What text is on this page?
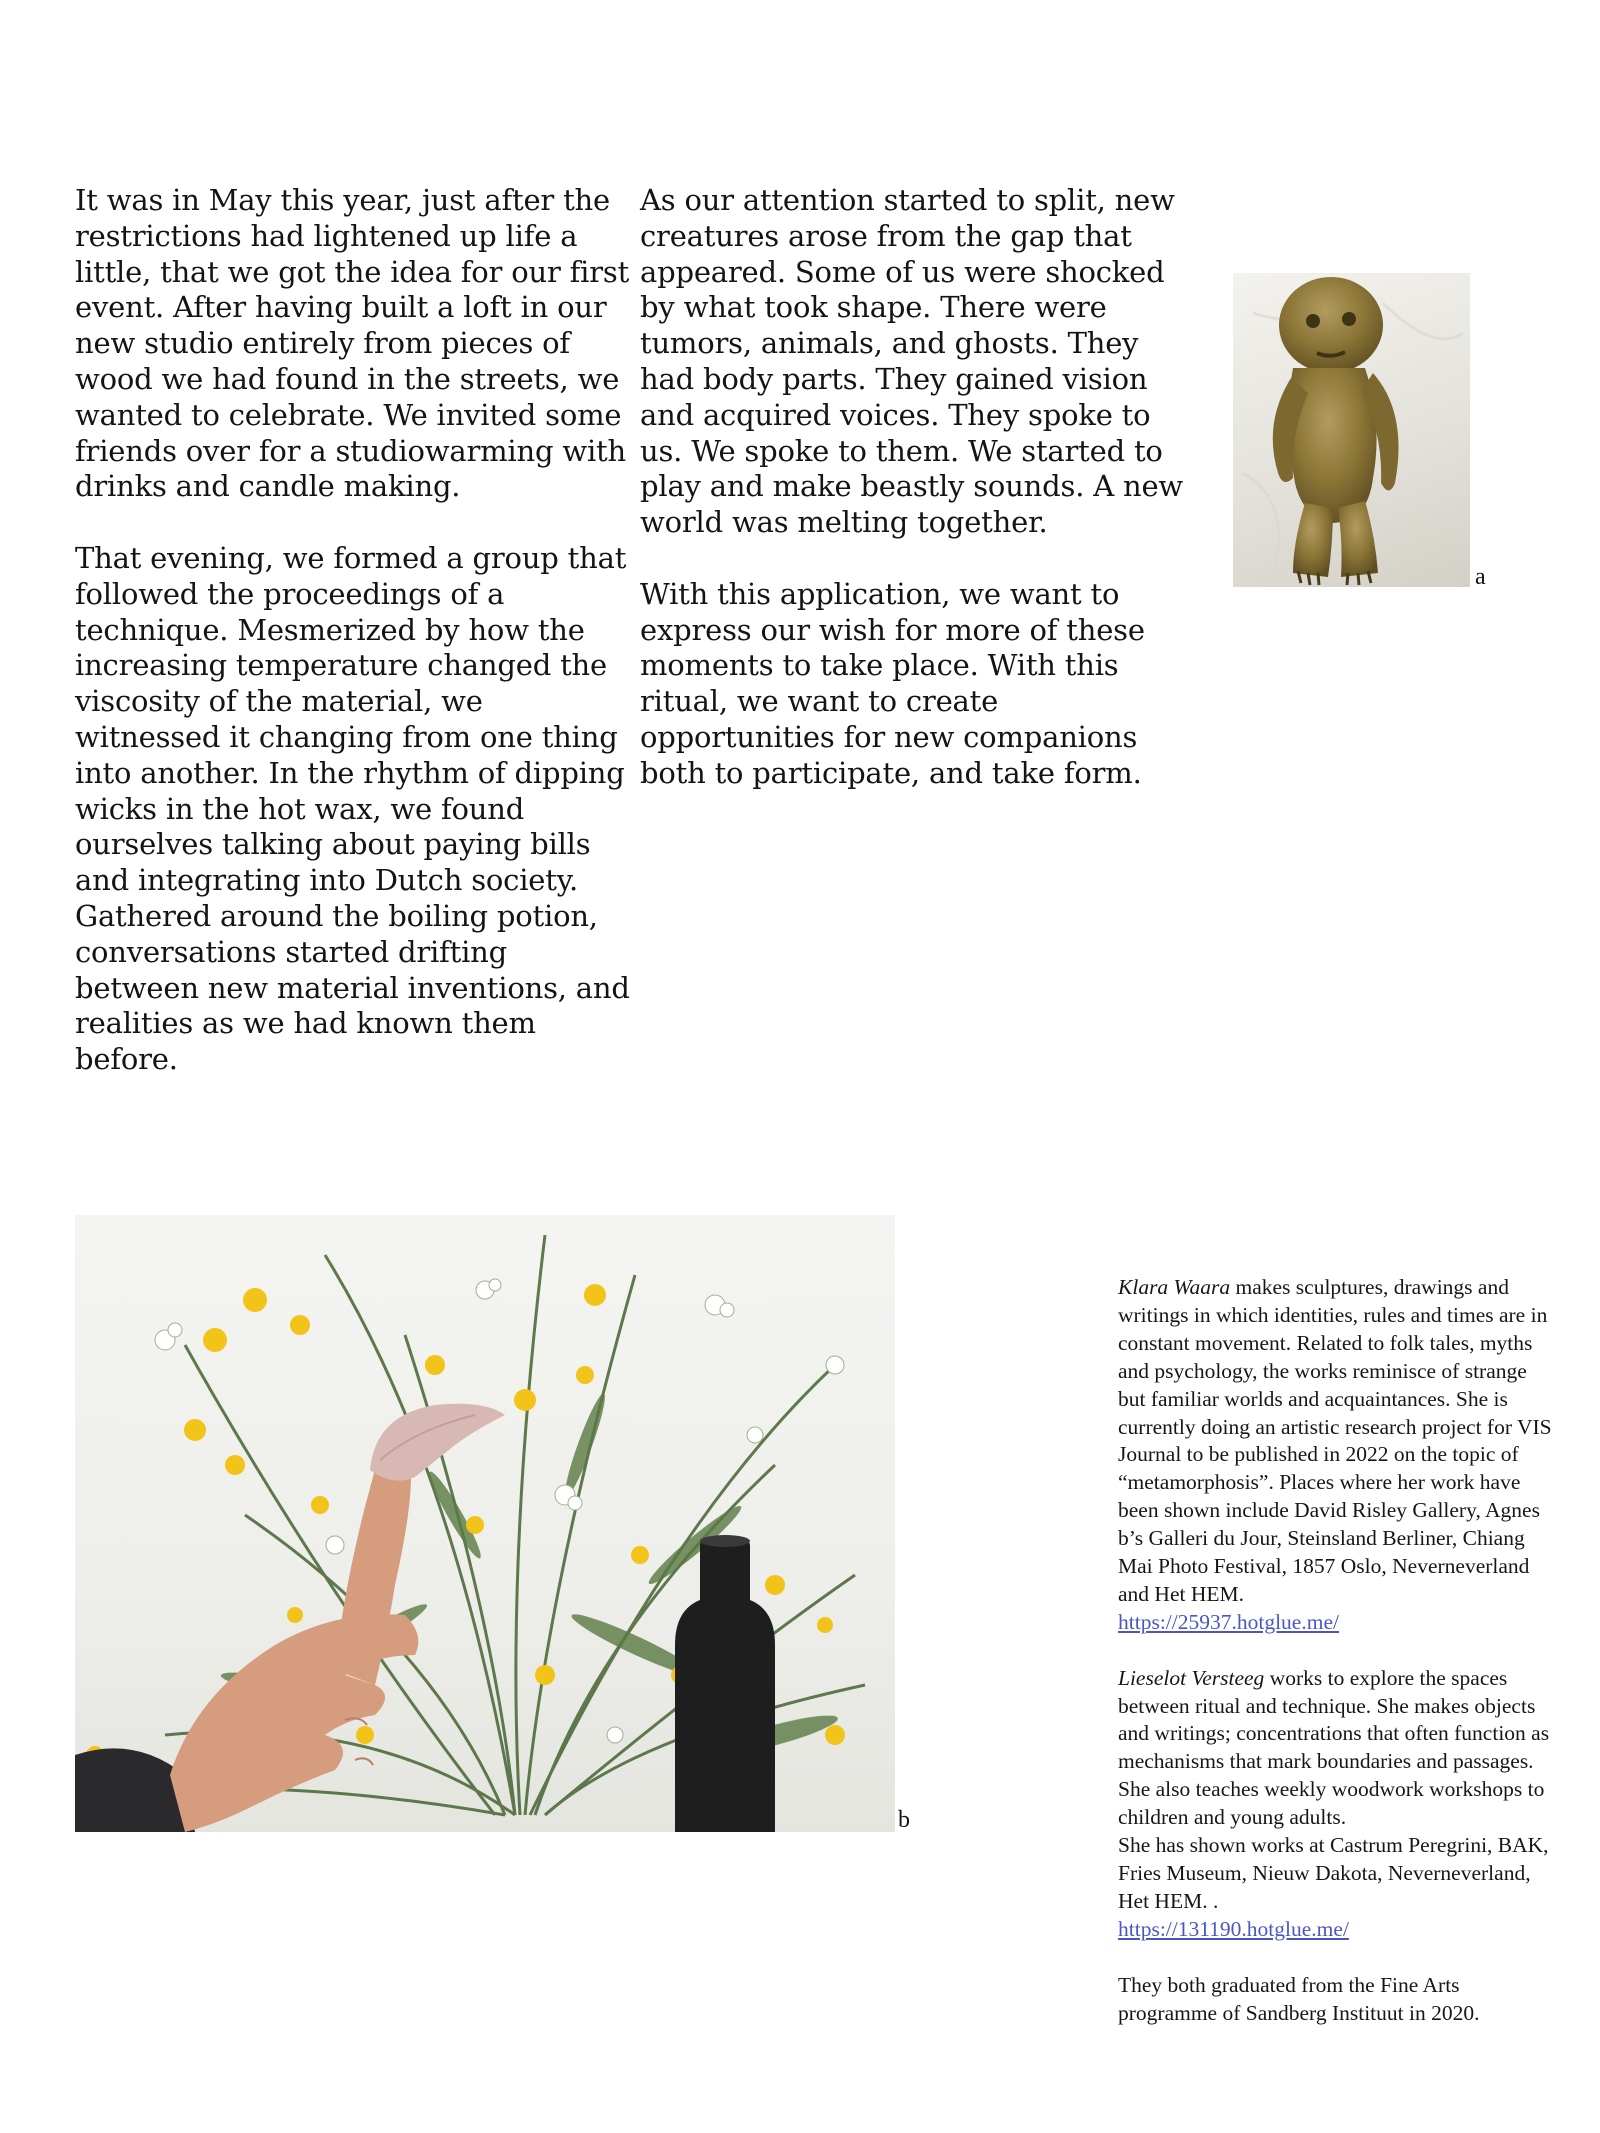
It was in May this year, just after the restrictions had lightened up life a little, that we got the idea for our first event. After having built a loft in our new studio entirely from pieces of wood we had found in the streets, we wanted to celebrate. We invited some friends over for a studiowarming with drinks and candle making.

That evening, we formed a group that followed the proceedings of a technique. Mesmerized by how the increasing temperature changed the viscosity of the material, we witnessed it changing from one thing into another. In the rhythm of dipping wicks in the hot wax, we found ourselves talking about paying bills and integrating into Dutch society. Gathered around the boiling potion, conversations started drifting between new material inventions, and realities as we had known them before.

As our attention started to split, new creatures arose from the gap that appeared. Some of us were shocked by what took shape. There were tumors, animals, and ghosts. They had body parts. They gained vision and acquired voices. They spoke to us. We spoke to them. We started to play and make beastly sounds. A new world was melting together.

With this application, we want to express our wish for more of these moments to take place. With this ritual, we want to create opportunities for new companions both to participate, and take form.

a
b

Klara Waara makes sculptures, drawings and writings in which identities, rules and times are in constant movement. Related to folk tales, myths and psychology, the works reminisce of strange but familiar worlds and acquaintances. She is currently doing an artistic research project for VIS Journal to be published in 2022 on the topic of “metamorphosis”. Places where her work have been shown include David Risley Gallery, Agnes b’s Galleri du Jour, Steinsland Berliner, Chiang Mai Photo Festival, 1857 Oslo, Neverneverland and Het HEM.
https://25937.hotglue.me/

Lieselot Versteeg works to explore the spaces between ritual and technique. She makes objects and writings; concentrations that often function as mechanisms that mark boundaries and passages.
She also teaches weekly woodwork workshops to children and young adults.
She has shown works at Castrum Peregrini, BAK, Fries Museum, Nieuw Dakota, Neverneverland, Het HEM. .
https://131190.hotglue.me/

They both graduated from the Fine Arts programme of Sandberg Instituut in 2020.
